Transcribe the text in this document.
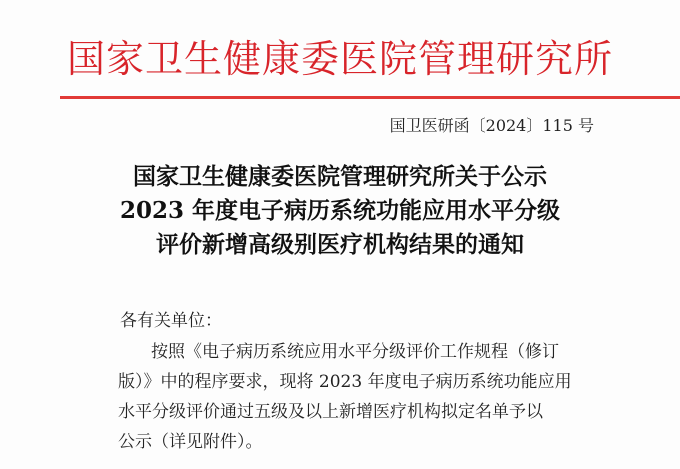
国家卫生健康委医院管理研究所
国卫医研函〔2024〕115 号
国家卫生健康委医院管理研究所关于公示
2023 年度电子病历系统功能应用水平分级
评价新增高级别医疗机构结果的通知
各有关单位：
按照《电子病历系统应用水平分级评价工作规程（修订
版）》中的程序要求，现将 2023 年度电子病历系统功能应用
水平分级评价通过五级及以上新增医疗机构拟定名单予以
公示（详见附件）。
